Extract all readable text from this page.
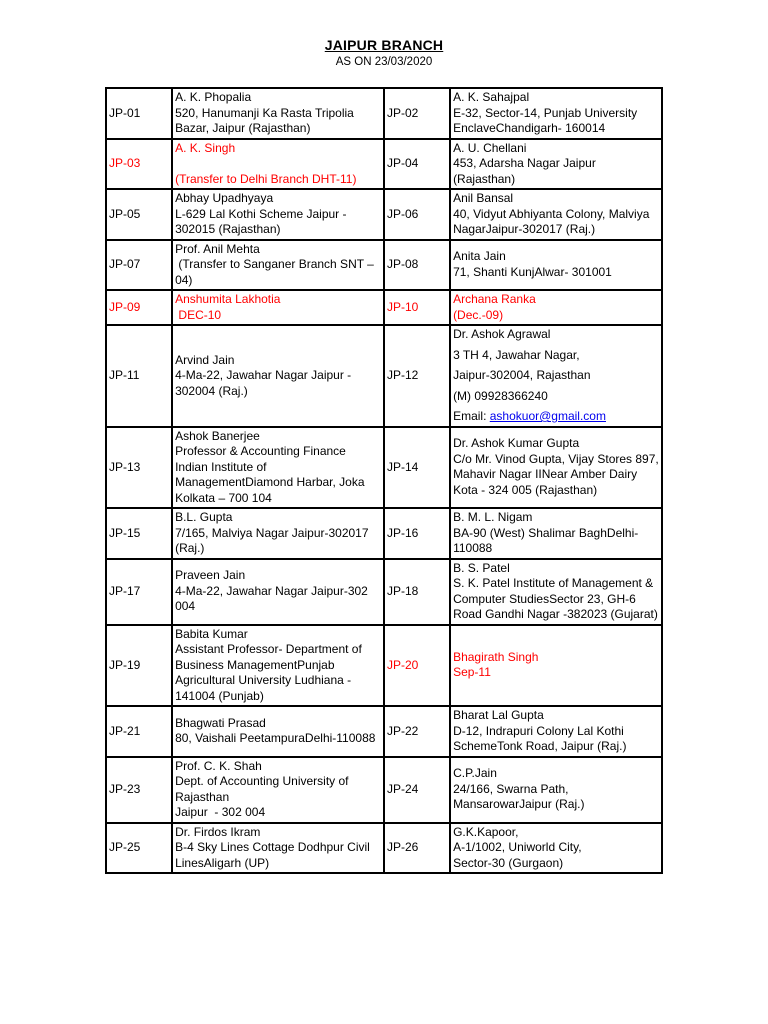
JAIPUR BRANCH
AS ON 23/03/2020
JP-01	A. K. Phopalia
520, Hanumanji Ka Rasta Tripolia Bazar, Jaipur (Rajasthan)	JP-02	A. K. Sahajpal
E-32, Sector-14, Punjab University EnclaveChandigarh- 160014

JP-03	A. K. Singh

(Transfer to Delhi Branch DHT-11)	JP-04	A. U. Chellani
453, Adarsha Nagar Jaipur (Rajasthan)

JP-05	Abhay Upadhyaya
L-629 Lal Kothi Scheme Jaipur - 302015 (Rajasthan)	JP-06	Anil Bansal
40, Vidyut Abhiyanta Colony, Malviya NagarJaipur-302017 (Raj.)

JP-07	Prof. Anil Mehta
(Transfer to Sanganer Branch SNT – 04)	JP-08	Anita Jain
71, Shanti KunjAlwar- 301001

JP-09	Anshumita Lakhotia
DEC-10	JP-10	Archana Ranka
(Dec.-09)

JP-11	Arvind Jain
4-Ma-22, Jawahar Nagar Jaipur - 302004 (Raj.)	JP-12	Dr. Ashok Agrawal
3 TH 4, Jawahar Nagar,
Jaipur-302004, Rajasthan
(M) 09928366240
Email: ashokuor@gmail.com

JP-13	Ashok Banerjee
Professor & Accounting Finance Indian Institute of ManagementDiamond Harbar, Joka Kolkata – 700 104	JP-14	Dr. Ashok Kumar Gupta
C/o Mr. Vinod Gupta, Vijay Stores 897, Mahavir Nagar IINear Amber Dairy Kota - 324 005 (Rajasthan)

JP-15	B.L. Gupta
7/165, Malviya Nagar Jaipur-302017 (Raj.)	JP-16	B. M. L. Nigam
BA-90 (West) Shalimar BaghDelhi-110088

JP-17	Praveen Jain
4-Ma-22, Jawahar Nagar Jaipur-302 004	JP-18	B. S. Patel
S. K. Patel Institute of Management & Computer StudiesSector 23, GH-6 Road Gandhi Nagar -382023 (Gujarat)

JP-19	Babita Kumar
Assistant Professor- Department of Business ManagementPunjab Agricultural University Ludhiana - 141004 (Punjab)	JP-20	Bhagirath Singh
Sep-11

JP-21	Bhagwati Prasad
80, Vaishali PeetampuraDelhi-110088	JP-22	Bharat Lal Gupta
D-12, Indrapuri Colony Lal Kothi SchemeTonk Road, Jaipur (Raj.)

JP-23	Prof. C. K. Shah
Dept. of Accounting University of Rajasthan
Jaipur  - 302 004	JP-24	C.P.Jain
24/166, Swarna Path, MansarowarJaipur (Raj.)

JP-25	Dr. Firdos Ikram
B-4 Sky Lines Cottage Dodhpur Civil LinesAligarh (UP)	JP-26	G.K.Kapoor,
A-1/1002, Uniworld City,
Sector-30 (Gurgaon)
